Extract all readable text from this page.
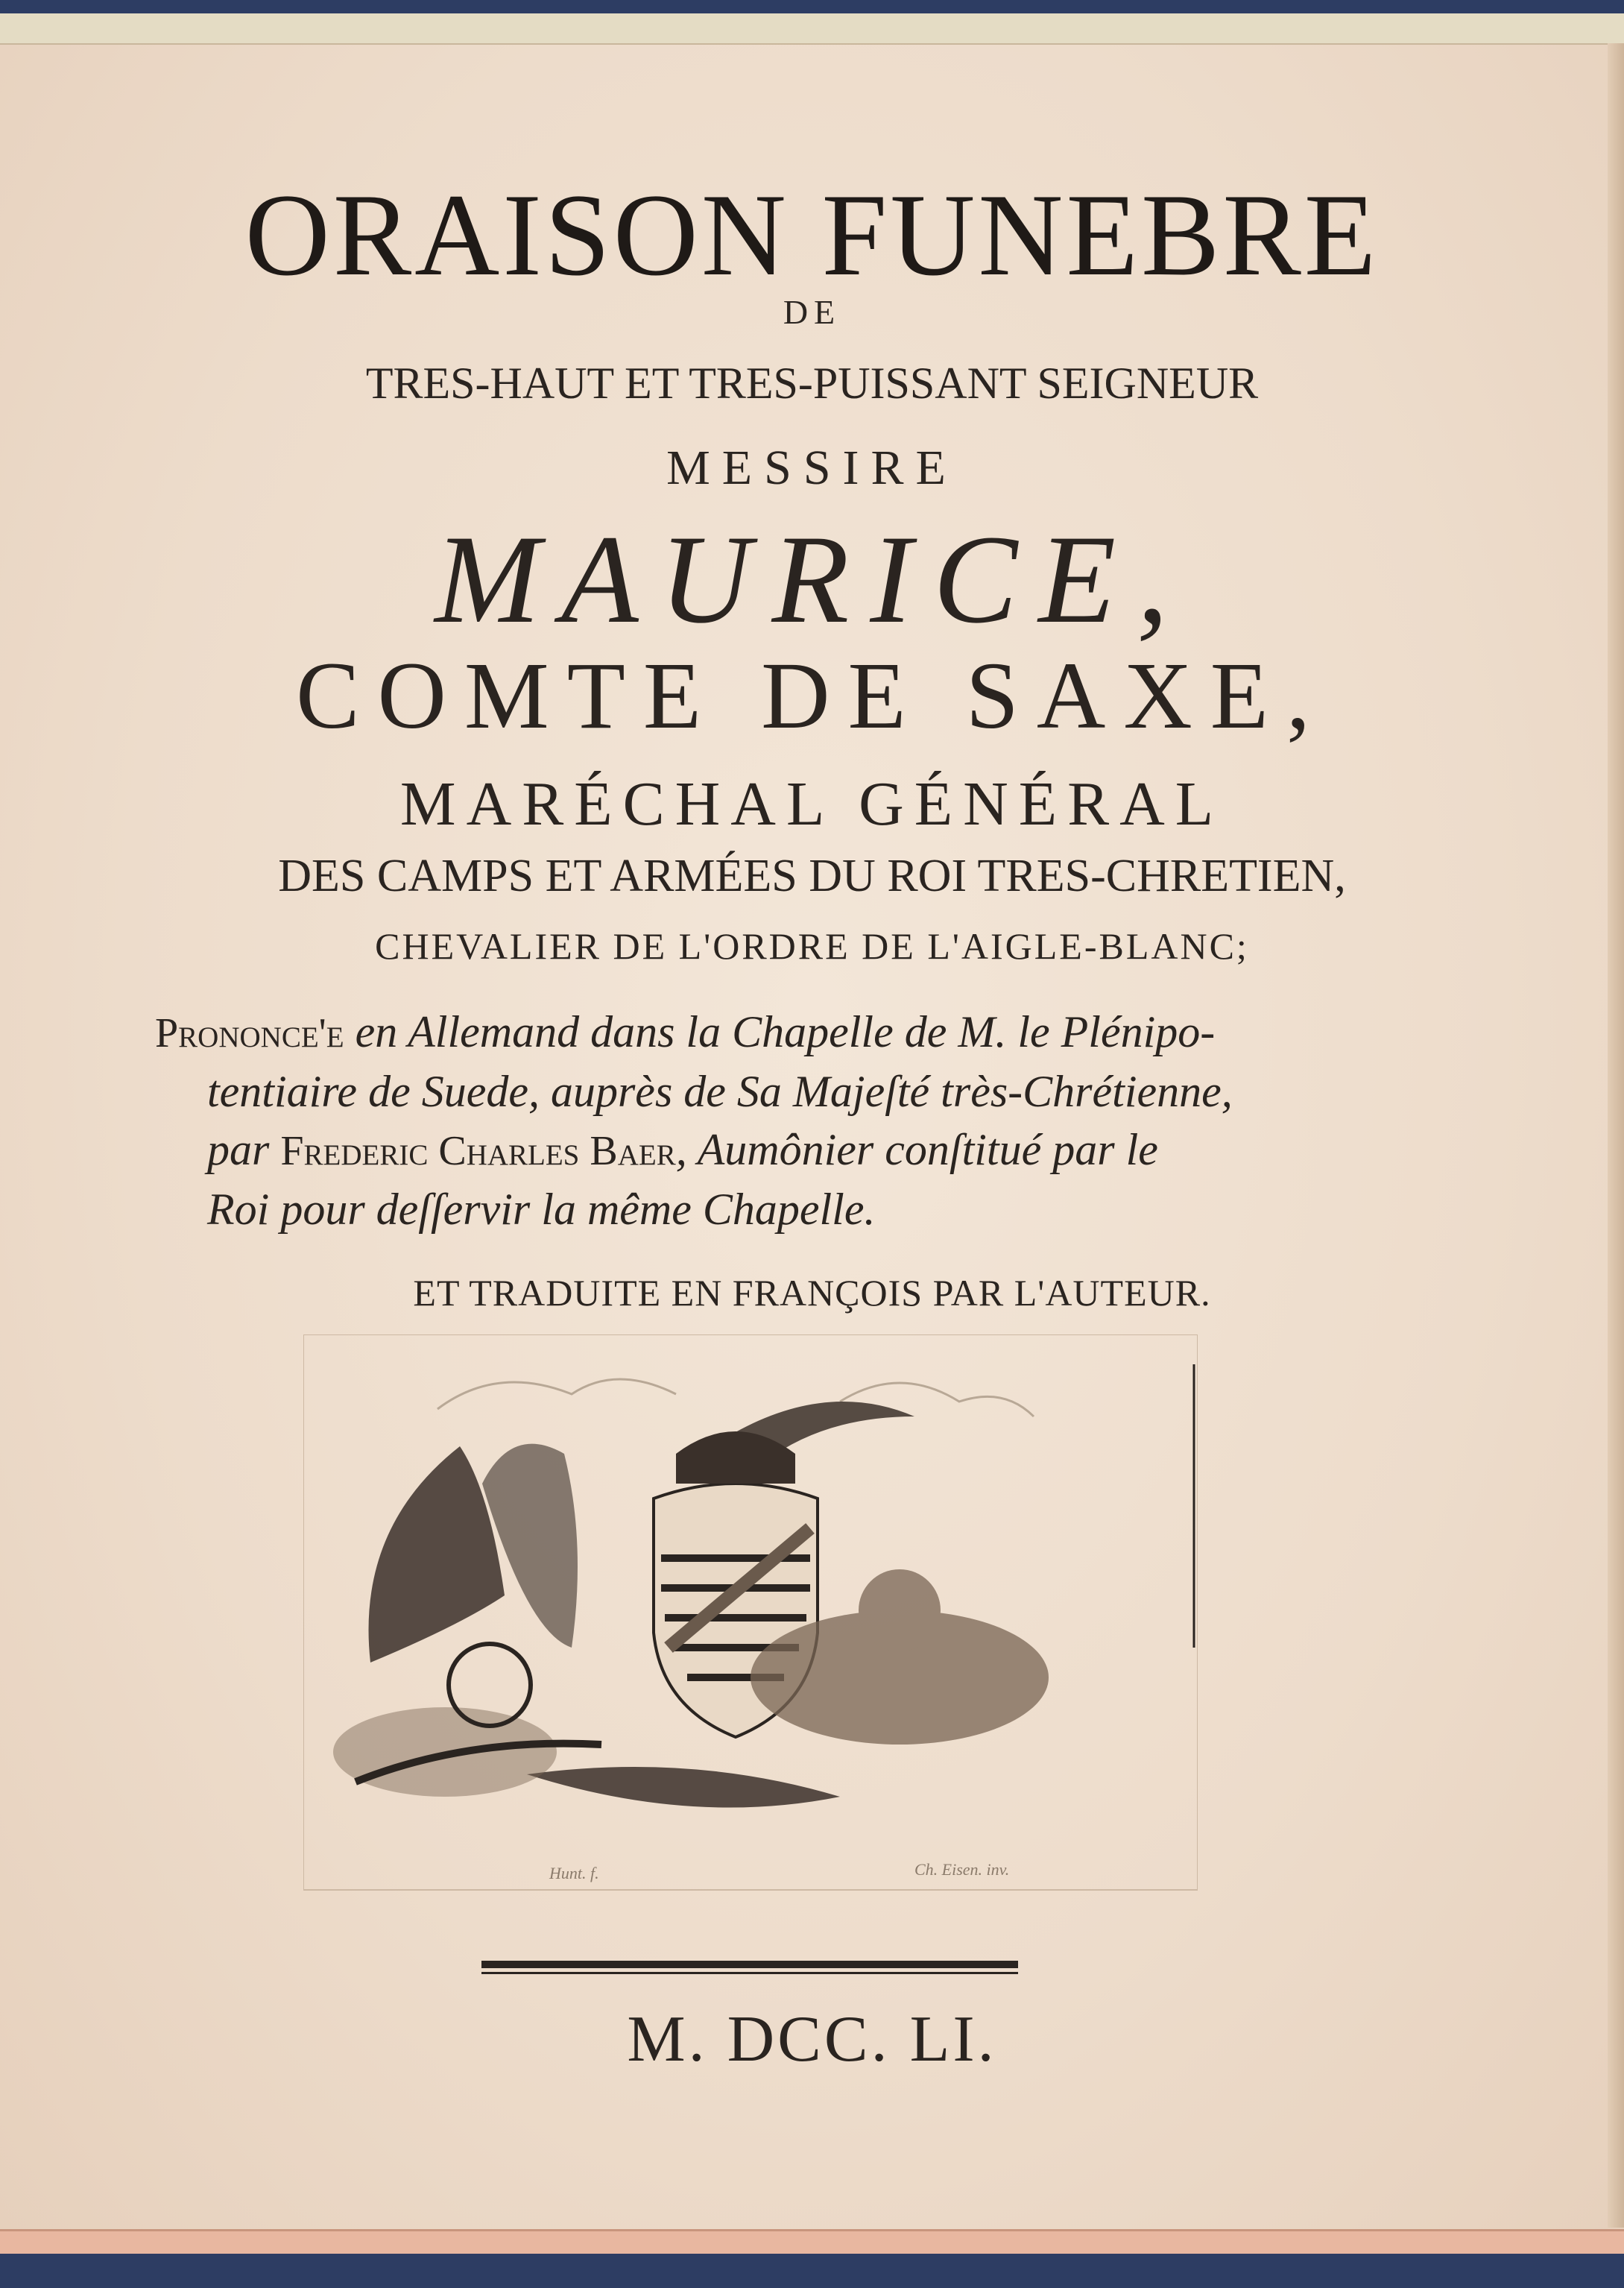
ORAISON FUNEBRE
DE
TRES-HAUT ET TRES-PUISSANT SEIGNEUR
MESSIRE
MAURICE,
COMTE DE SAXE,
MARÉCHAL GÉNÉRAL
DES CAMPS ET ARMÉES DU ROI TRES-CHRETIEN,
CHEVALIER DE L'ORDRE DE L'AIGLE-BLANC;
Prononce'e en Allemand dans la Chapelle de M. le Plénipo-
tentiaire de Suede, auprès de Sa Majeſté très-Chrétienne,
par Frederic Charles Baer, Aumônier conſtitué par le
Roi pour deſſervir la même Chapelle.
ET TRADUITE EN FRANÇOIS PAR L'AUTEUR.
Hunt. f.	Ch. Eisen. inv.
M. DCC. LI.
